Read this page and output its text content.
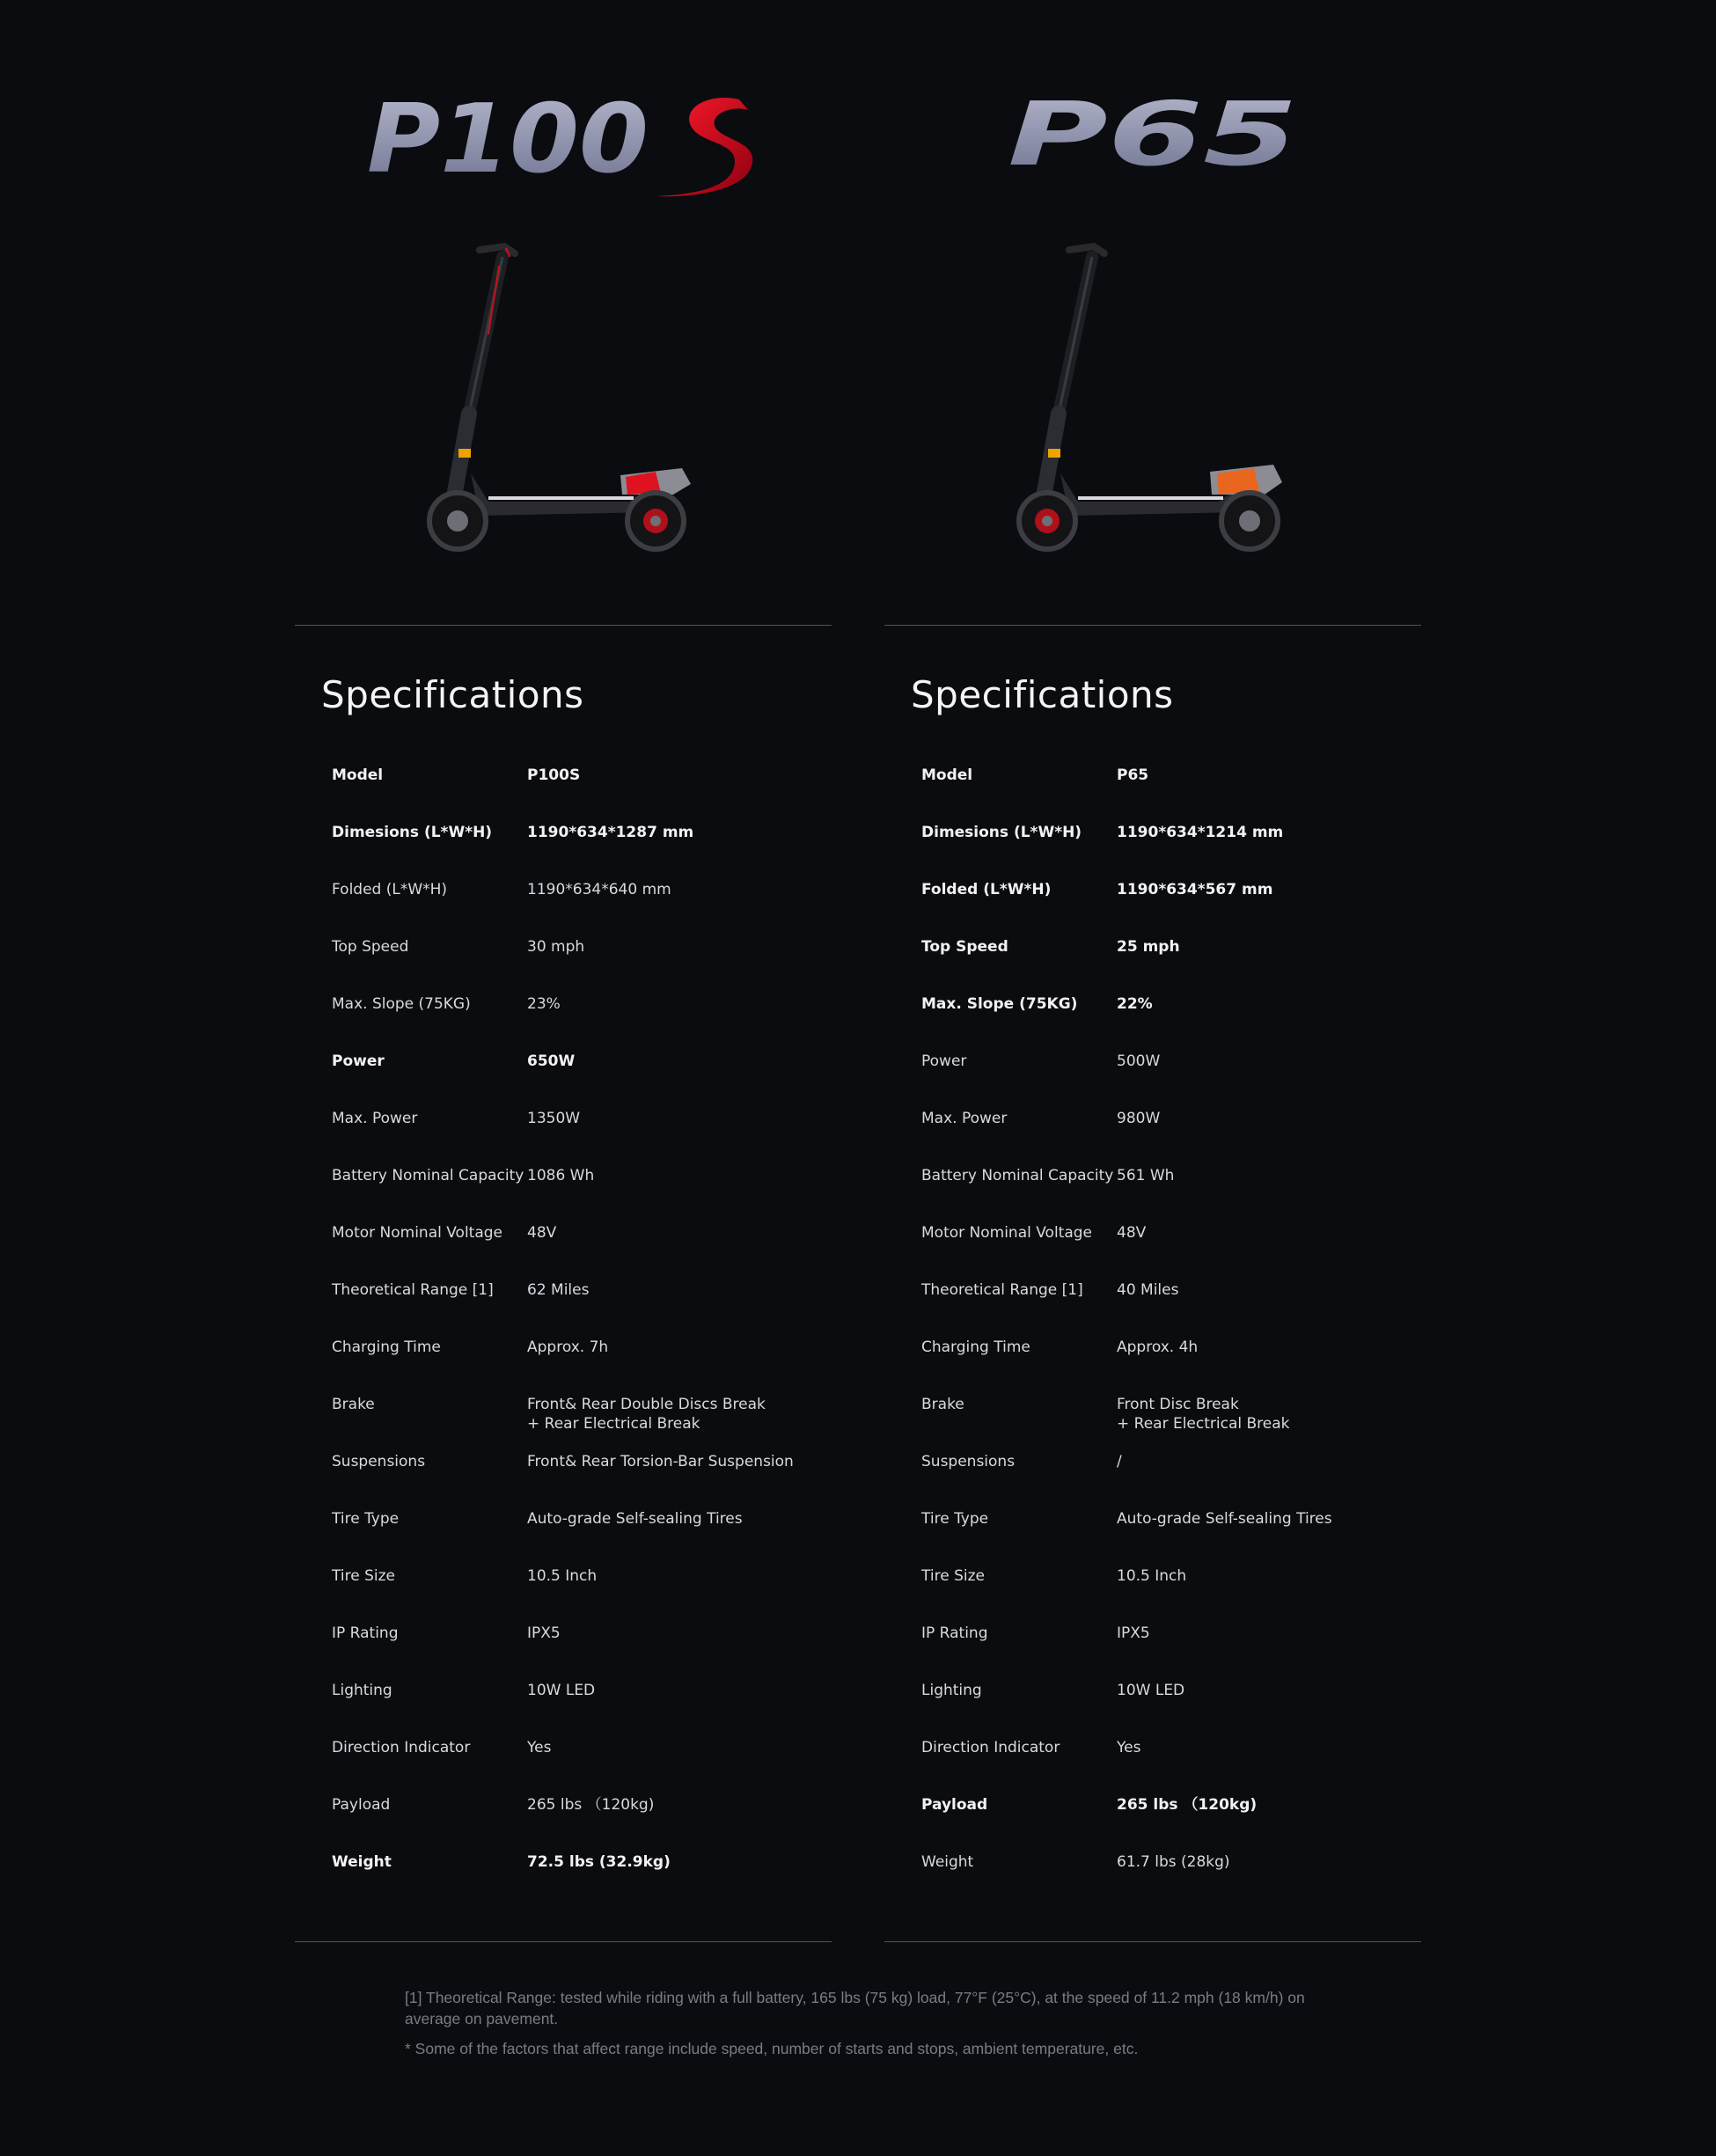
P100
Specifications
Model	P100S
Dimesions (L*W*H)	1190*634*1287 mm
Folded (L*W*H)	1190*634*640 mm
Top Speed	30 mph
Max. Slope (75KG)	23%
Power	650W
Max. Power	1350W
Battery Nominal Capacity 1086 Wh
Motor Nominal Voltage	48V
Theoretical Range [1]	62 Miles
Charging Time	Approx. 7h
Brake	Front& Rear Double Discs Break
+ Rear Electrical Break
Suspensions	Front& Rear Torsion-Bar Suspension
Tire Type	Auto-grade Self-sealing Tires
Tire Size	10.5 Inch
IP Rating	IPX5
Lighting	10W LED
Direction Indicator	Yes
Payload	265 lbs （120kg)
Weight	72.5 lbs (32.9kg)
P65
Specifications
Model	P65
Dimesions (L*W*H)	1190*634*1214 mm
Folded (L*W*H)	1190*634*567 mm
Top Speed	25 mph
Max. Slope (75KG)	22%
Power	500W
Max. Power	980W
Battery Nominal Capacity 561 Wh
Motor Nominal Voltage	48V
Theoretical Range [1]	40 Miles
Charging Time	Approx. 4h
Brake	Front Disc Break
+ Rear Electrical Break
Suspensions	/
Tire Type	Auto-grade Self-sealing Tires
Tire Size	10.5 Inch
IP Rating	IPX5
Lighting	10W LED
Direction Indicator	Yes
Payload	265 lbs （120kg)
Weight	61.7 lbs (28kg)

[1] Theoretical Range: tested while riding with a full battery, 165 lbs (75 kg) load, 77°F (25°C), at the speed of 11.2 mph (18 km/h) on average on pavement.

* Some of the factors that affect range include speed, number of starts and stops, ambient temperature, etc.
